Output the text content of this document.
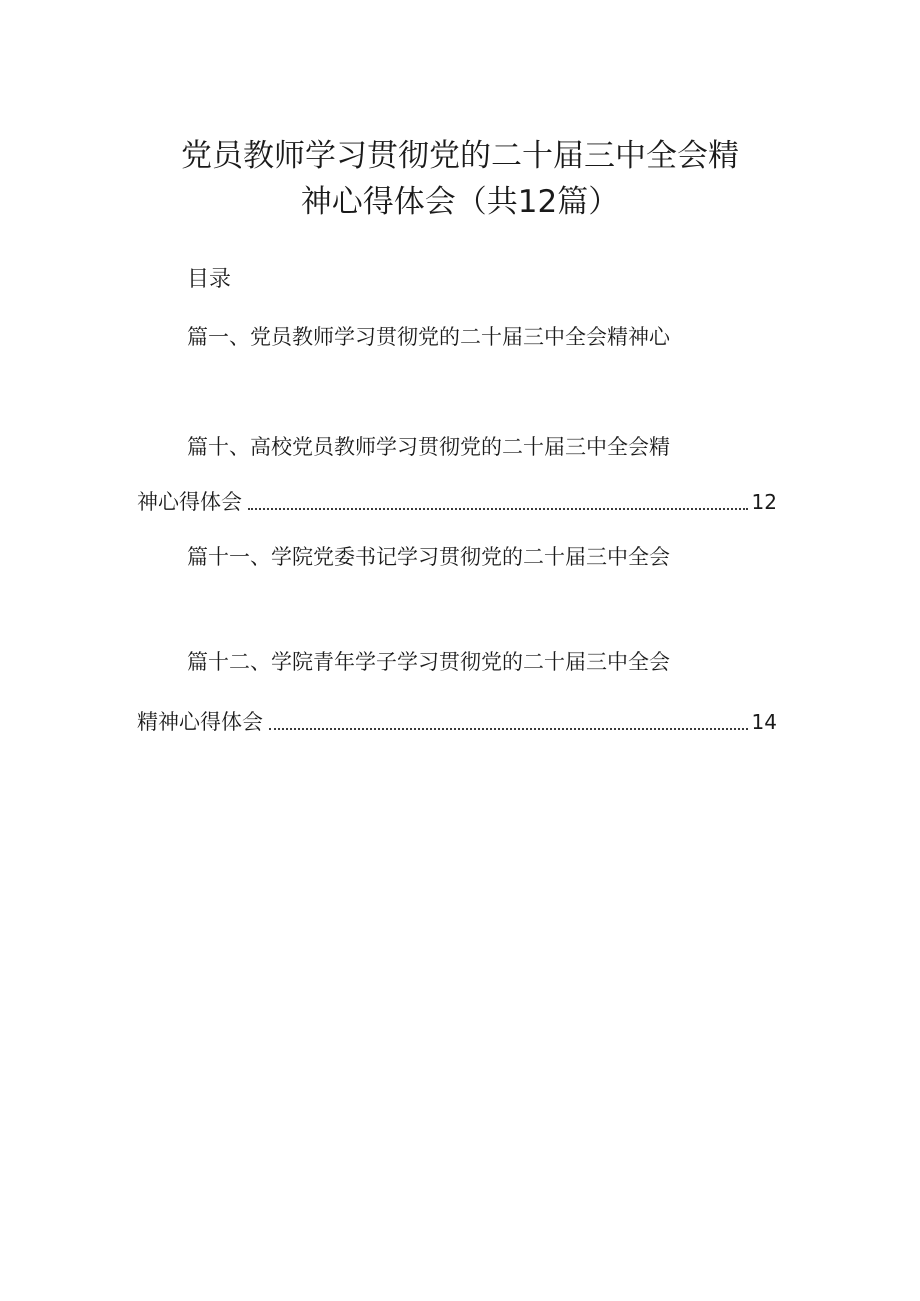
党员教师学习贯彻党的二十届三中全会精
神心得体会（共12篇）
目录
篇一、党员教师学习贯彻党的二十届三中全会精神心
篇十、高校党员教师学习贯彻党的二十届三中全会精
神心得体会	12
篇十一、学院党委书记学习贯彻党的二十届三中全会
篇十二、学院青年学子学习贯彻党的二十届三中全会
精神心得体会	14
